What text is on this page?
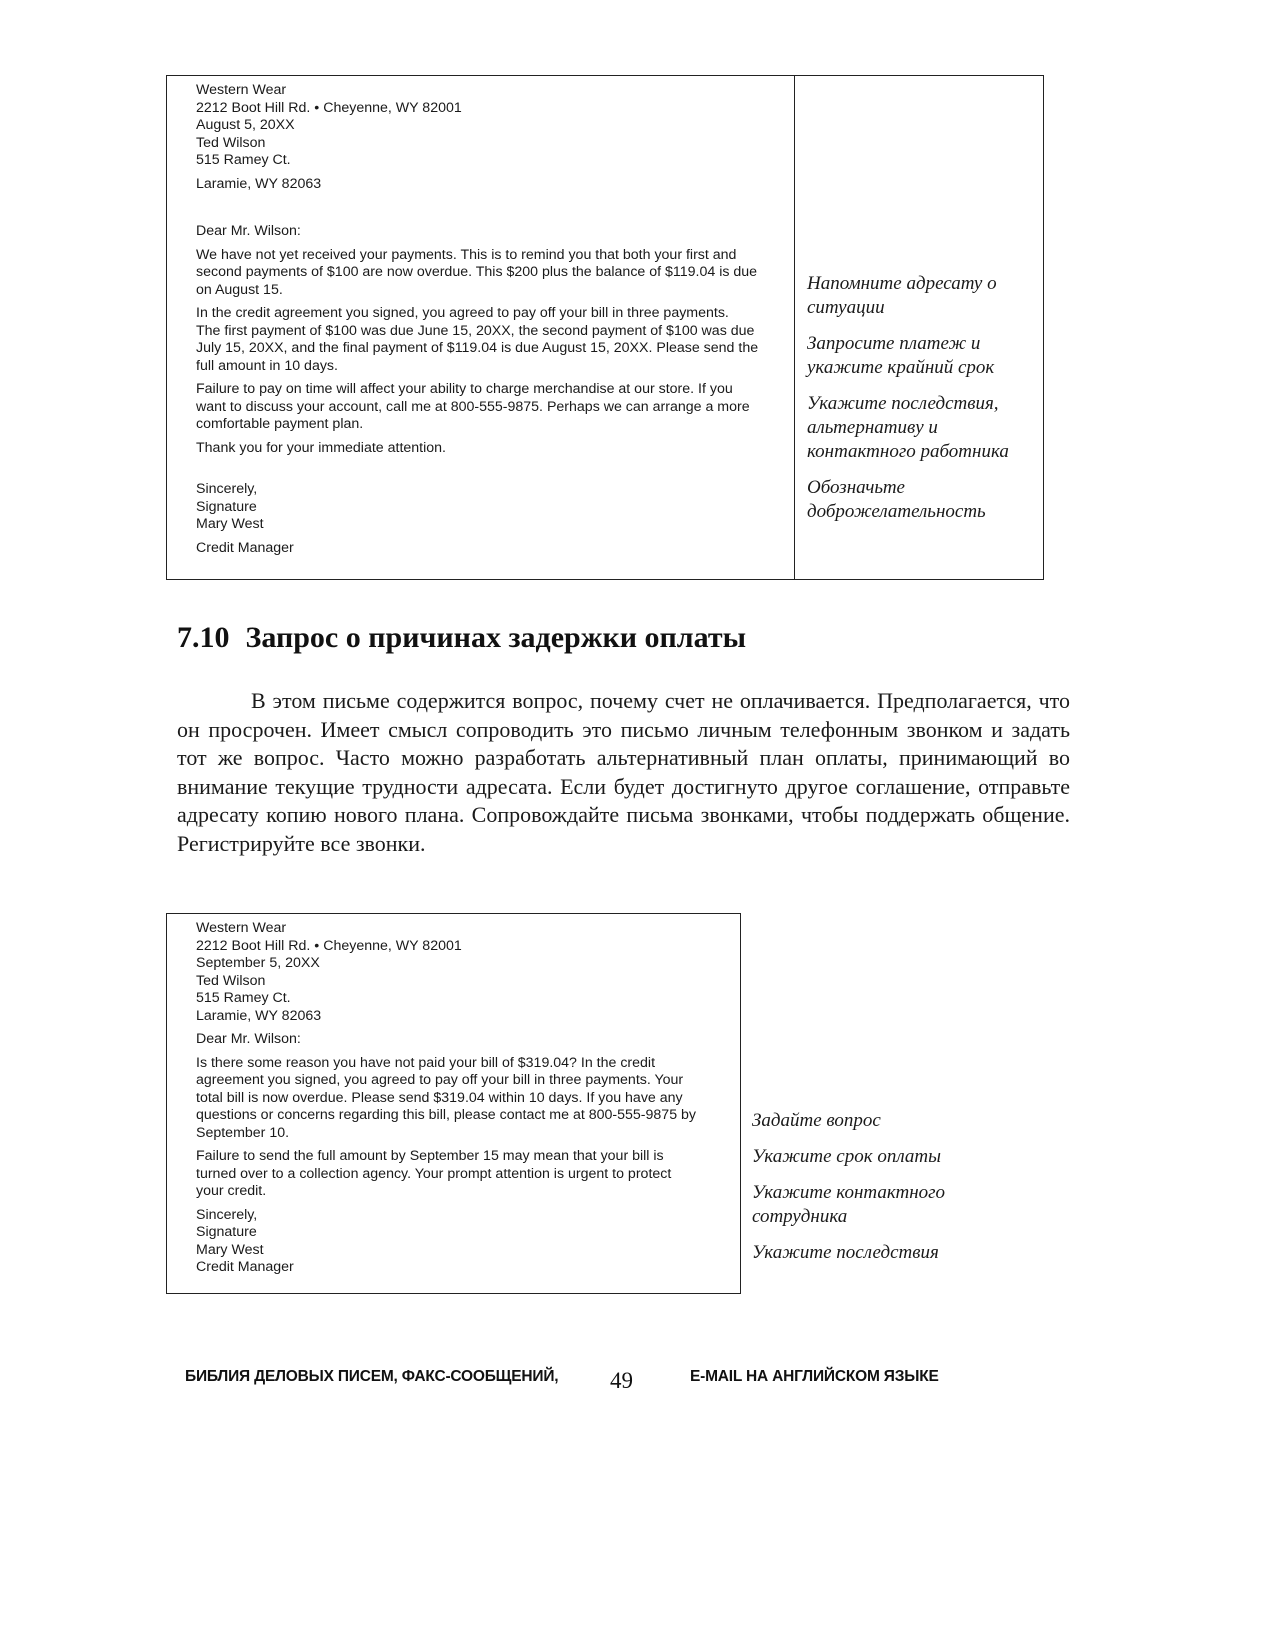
Western Wear
2212 Boot Hill Rd. • Cheyenne, WY 82001
August 5, 20XX
Ted Wilson
515 Ramey Ct.
Laramie, WY 82063

Dear Mr. Wilson:

We have not yet received your payments. This is to remind you that both your first and
second payments of $100 are now overdue. This $200 plus the balance of $119.04 is due
on August 15.

In the credit agreement you signed, you agreed to pay off your bill in three payments.
The first payment of $100 was due June 15, 20XX, the second payment of $100 was due
July 15, 20XX, and the final payment of $119.04 is due August 15, 20XX. Please send the
full amount in 10 days.

Failure to pay on time will affect your ability to charge merchandise at our store. If you
want to discuss your account, call me at 800-555-9875. Perhaps we can arrange a more
comfortable payment plan.

Thank you for your immediate attention.

Sincerely,
Signature
Mary West
Credit Manager

Напомните адресату о ситуации

Запросите платеж и укажите крайний срок

Укажите последствия, альтернативу и контактного работника

Обозначьте доброжелательность

7.10 Запрос о причинах задержки оплаты

В этом письме содержится вопрос, почему счет не оплачивается. Предполагается, что он просрочен. Имеет смысл сопроводить это письмо личным телефонным звонком и задать тот же вопрос. Часто можно разработать альтернативный план оплаты, принимающий во внимание текущие трудности адресата. Если будет достигнуто другое соглашение, отправьте адресату копию нового плана. Сопровождайте письма звонками, чтобы поддержать общение. Регистрируйте все звонки.

Western Wear
2212 Boot Hill Rd. • Cheyenne, WY 82001
September 5, 20XX
Ted Wilson
515 Ramey Ct.
Laramie, WY 82063

Dear Mr. Wilson:

Is there some reason you have not paid your bill of $319.04? In the credit
agreement you signed, you agreed to pay off your bill in three payments. Your
total bill is now overdue. Please send $319.04 within 10 days. If you have any
questions or concerns regarding this bill, please contact me at 800-555-9875 by
September 10.

Failure to send the full amount by September 15 may mean that your bill is
turned over to a collection agency. Your prompt attention is urgent to protect
your credit.

Sincerely,
Signature
Mary West
Credit Manager

Задайте вопрос

Укажите срок оплаты

Укажите контактного сотрудника

Укажите последствия

БИБЛИЯ ДЕЛОВЫХ ПИСЕМ, ФАКС-СООБЩЕНИЙ, 49	E-MAIL НА АНГЛИЙСКОМ ЯЗЫКЕ
